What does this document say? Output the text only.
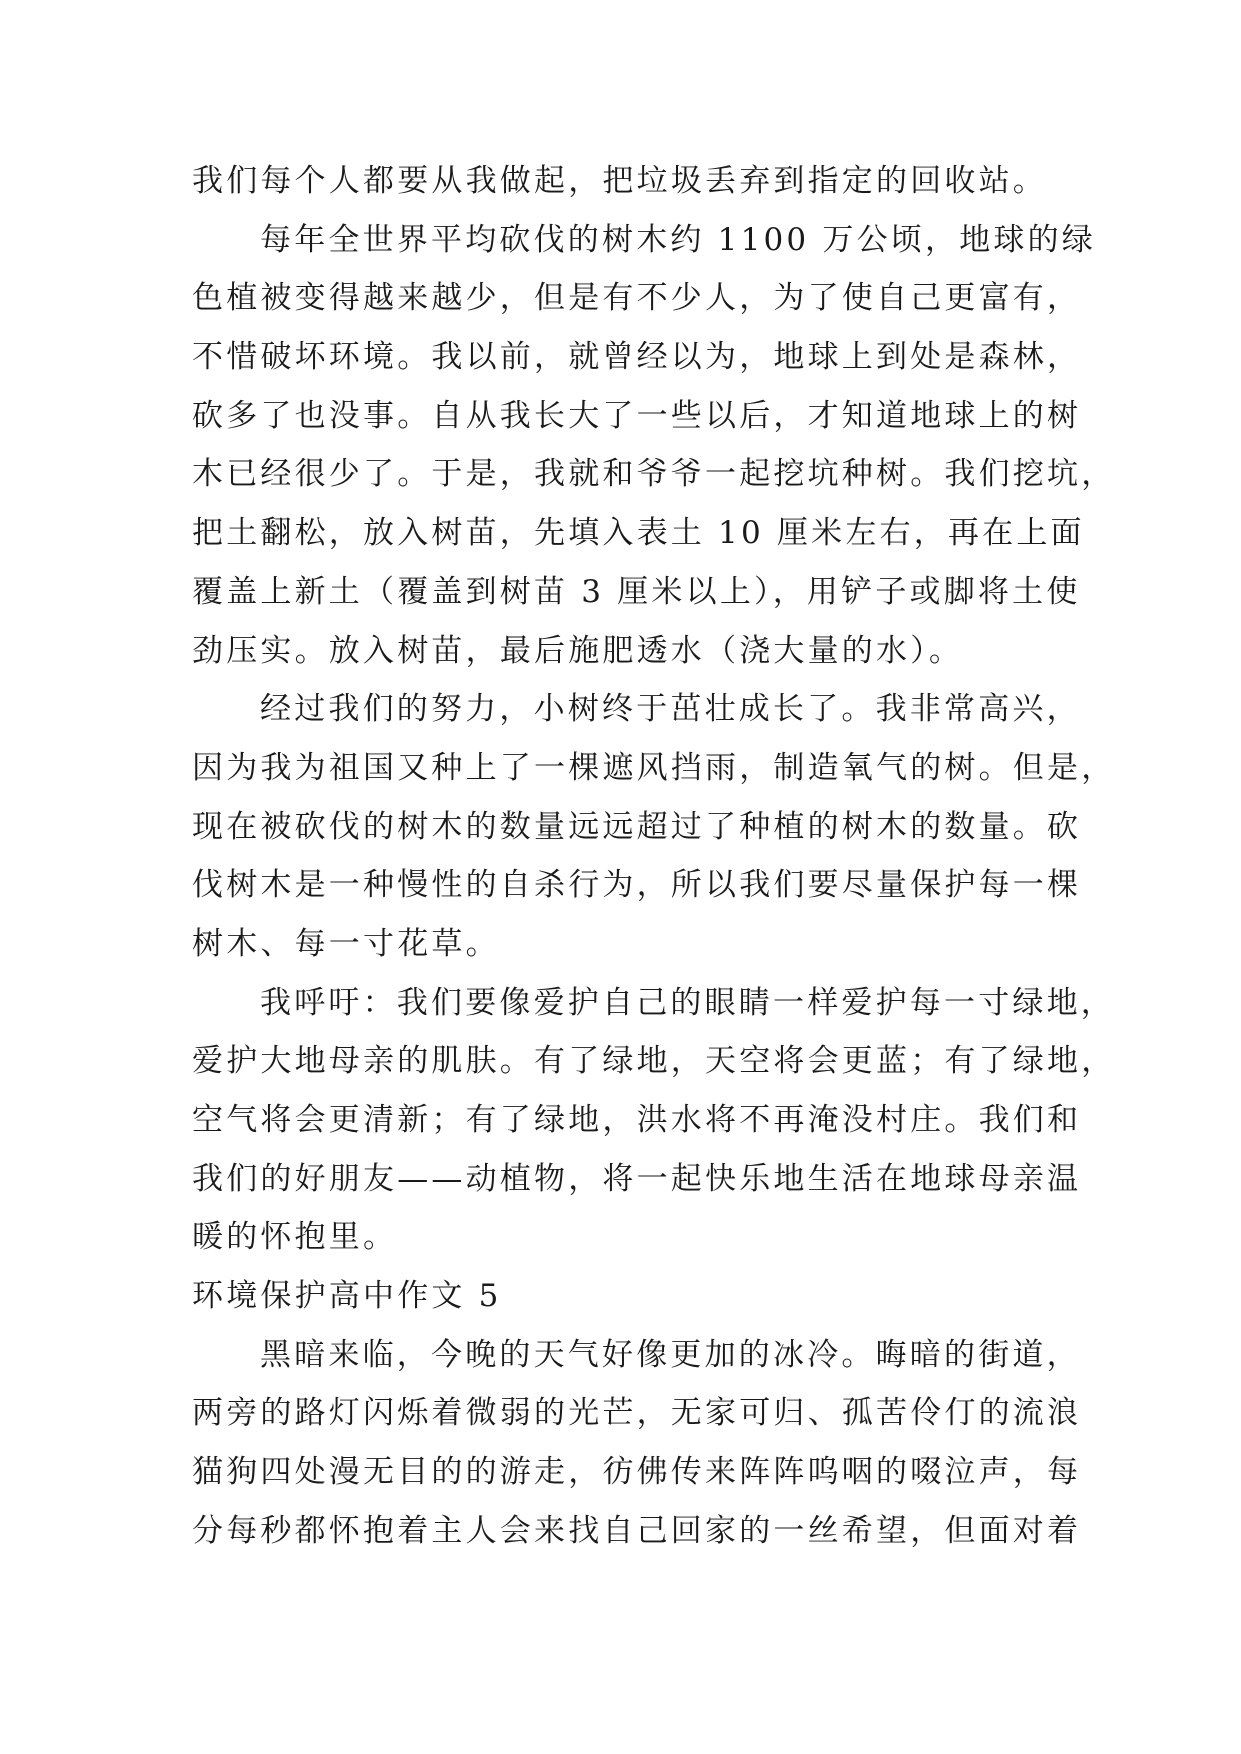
我们每个人都要从我做起，把垃圾丢弃到指定的回收站。
每年全世界平均砍伐的树木约 1100 万公顷，地球的绿
色植被变得越来越少，但是有不少人，为了使自己更富有，
不惜破坏环境。我以前，就曾经以为，地球上到处是森林，
砍多了也没事。自从我长大了一些以后，才知道地球上的树
木已经很少了。于是，我就和爷爷一起挖坑种树。我们挖坑，
把土翻松，放入树苗，先填入表土 10 厘米左右，再在上面
覆盖上新土（覆盖到树苗 3 厘米以上），用铲子或脚将土使
劲压实。放入树苗，最后施肥透水（浇大量的水）。
经过我们的努力，小树终于茁壮成长了。我非常高兴，
因为我为祖国又种上了一棵遮风挡雨，制造氧气的树。但是，
现在被砍伐的树木的数量远远超过了种植的树木的数量。砍
伐树木是一种慢性的自杀行为，所以我们要尽量保护每一棵
树木、每一寸花草。
我呼吁：我们要像爱护自己的眼睛一样爱护每一寸绿地，
爱护大地母亲的肌肤。有了绿地，天空将会更蓝；有了绿地，
空气将会更清新；有了绿地，洪水将不再淹没村庄。我们和
我们的好朋友——动植物，将一起快乐地生活在地球母亲温
暖的怀抱里。
环境保护高中作文 5
黑暗来临，今晚的天气好像更加的冰冷。晦暗的街道，
两旁的路灯闪烁着微弱的光芒，无家可归、孤苦伶仃的流浪
猫狗四处漫无目的的游走，彷佛传来阵阵呜咽的啜泣声，每
分每秒都怀抱着主人会来找自己回家的一丝希望，但面对着
